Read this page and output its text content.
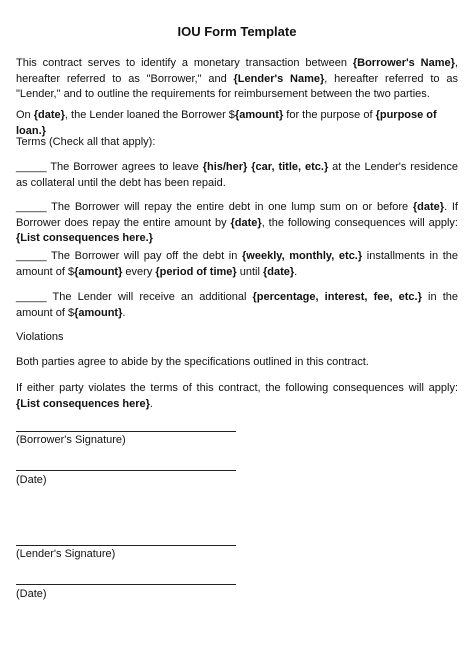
IOU Form Template
This contract serves to identify a monetary transaction between {Borrower's Name}, hereafter referred to as "Borrower," and {Lender's Name}, hereafter referred to as "Lender," and to outline the requirements for reimbursement between the two parties.
On {date}, the Lender loaned the Borrower ${amount} for the purpose of {purpose of loan.}
Terms (Check all that apply):
_____ The Borrower agrees to leave {his/her} {car, title, etc.} at the Lender's residence as collateral until the debt has been repaid.
_____ The Borrower will repay the entire debt in one lump sum on or before {date}. If Borrower does repay the entire amount by {date}, the following consequences will apply: {List consequences here.}
_____ The Borrower will pay off the debt in {weekly, monthly, etc.} installments in the amount of ${amount} every {period of time} until {date}.
_____ The Lender will receive an additional {percentage, interest, fee, etc.} in the amount of ${amount}.
Violations
Both parties agree to abide by the specifications outlined in this contract.
If either party violates the terms of this contract, the following consequences will apply: {List consequences here}.
(Borrower's Signature)
(Date)
(Lender's Signature)
(Date)
